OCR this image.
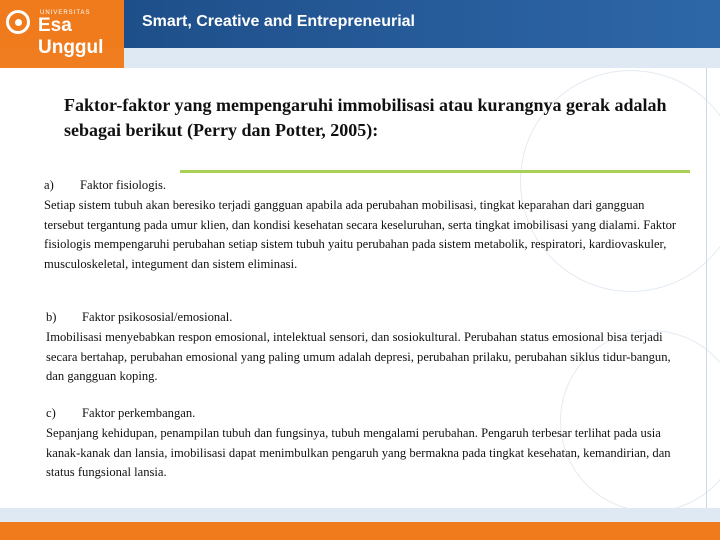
UNIVERSITAS
Esa Unggul
Smart, Creative and Entrepreneurial
Faktor-faktor yang mempengaruhi immobilisasi atau kurangnya gerak adalah sebagai berikut (Perry dan Potter, 2005):
a) Faktor fisiologis.
Setiap sistem tubuh akan beresiko terjadi gangguan apabila ada perubahan mobilisasi, tingkat keparahan dari gangguan tersebut tergantung pada umur klien, dan kondisi kesehatan secara keseluruhan, serta tingkat imobilisasi yang dialami. Faktor fisiologis mempengaruhi perubahan setiap sistem tubuh yaitu perubahan pada sistem metabolik, respiratori, kardiovaskuler, musculoskeletal, integument dan sistem eliminasi.
b) Faktor psikososial/emosional.
Imobilisasi menyebabkan respon emosional, intelektual sensori, dan sosiokultural. Perubahan status emosional bisa terjadi secara bertahap, perubahan emosional yang paling umum adalah depresi, perubahan prilaku, perubahan siklus tidur-bangun, dan gangguan koping.
c) Faktor perkembangan.
Sepanjang kehidupan, penampilan tubuh dan fungsinya, tubuh mengalami perubahan. Pengaruh terbesar terlihat pada usia kanak-kanak dan lansia, imobilisasi dapat menimbulkan pengaruh yang bermakna pada tingkat kesehatan, kemandirian, dan status fungsional lansia.
